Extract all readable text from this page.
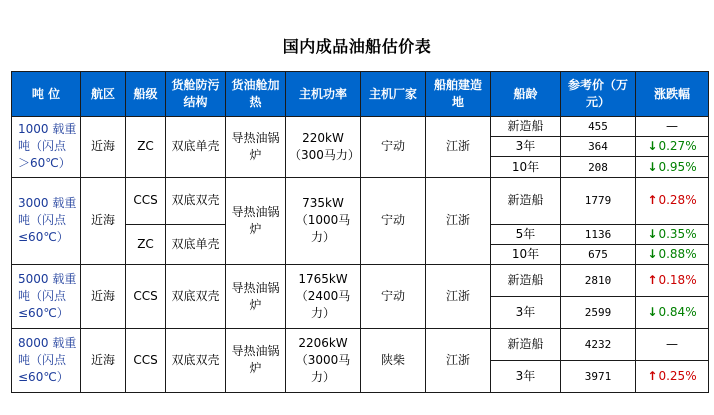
国内成品油船估价表
吨 位	航区	船级	货舱防污结构	货油舱加热	主机功率	主机厂家	船舶建造地	船龄	参考价（万元）	涨跌幅
1000 载重吨（闪点＞60℃）	近海	ZC	双底单壳	导热油锅炉	220kW（300马力）	宁动	江浙	新造船	455	—
								3年	364	↓0.27%
								10年	208	↓0.95%
3000 载重吨（闪点≤60℃）	近海	CCS	双底双壳	导热油锅炉	735kW（1000马力）	宁动	江浙	新造船	1779	↑0.28%
		ZC	双底单壳					5年	1136	↓0.35%
								10年	675	↓0.88%
5000 载重吨（闪点≤60℃）	近海	CCS	双底双壳	导热油锅炉	1765kW（2400马力）	宁动	江浙	新造船	2810	↑0.18%
								3年	2599	↓0.84%
8000 载重吨（闪点≤60℃）	近海	CCS	双底双壳	导热油锅炉	2206kW（3000马力）	陕柴	江浙	新造船	4232	—
								3年	3971	↑0.25%
